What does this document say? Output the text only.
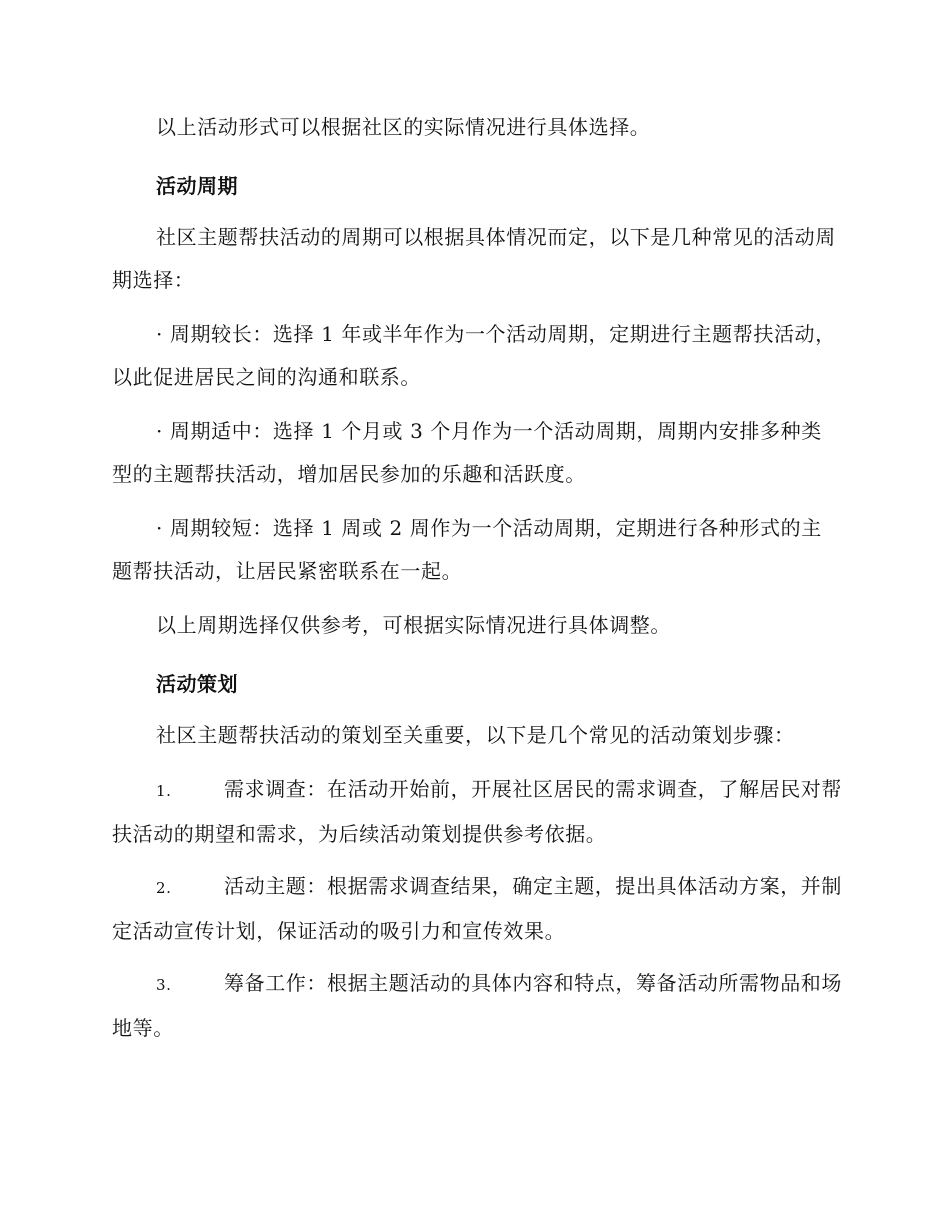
以上活动形式可以根据社区的实际情况进行具体选择。

活动周期

社区主题帮扶活动的周期可以根据具体情况而定，以下是几种常见的活动周期选择：

· 周期较长：选择 1 年或半年作为一个活动周期，定期进行主题帮扶活动，以此促进居民之间的沟通和联系。

· 周期适中：选择 1 个月或 3 个月作为一个活动周期，周期内安排多种类型的主题帮扶活动，增加居民参加的乐趣和活跃度。

· 周期较短：选择 1 周或 2 周作为一个活动周期，定期进行各种形式的主题帮扶活动，让居民紧密联系在一起。

以上周期选择仅供参考，可根据实际情况进行具体调整。

活动策划

社区主题帮扶活动的策划至关重要，以下是几个常见的活动策划步骤：

1.	需求调查：在活动开始前，开展社区居民的需求调查，了解居民对帮扶活动的期望和需求，为后续活动策划提供参考依据。

2.	活动主题：根据需求调查结果，确定主题，提出具体活动方案，并制定活动宣传计划，保证活动的吸引力和宣传效果。

3.	筹备工作：根据主题活动的具体内容和特点，筹备活动所需物品和场地等。
